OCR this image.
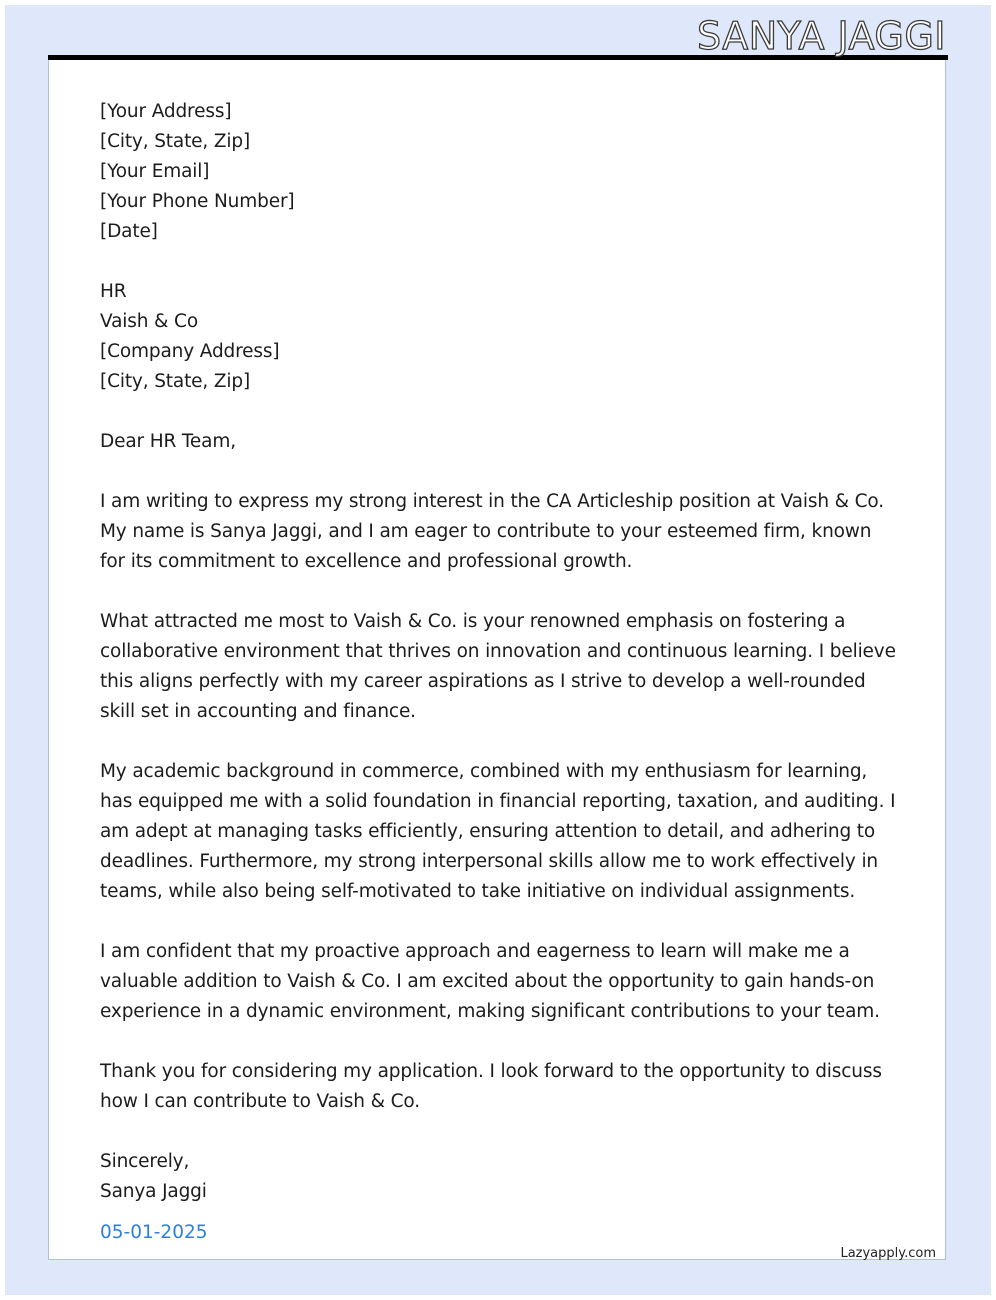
SANYA JAGGI
[Your Address]
[City, State, Zip]
[Your Email]
[Your Phone Number]
[Date]
HR
Vaish & Co
[Company Address]
[City, State, Zip]
Dear HR Team,
I am writing to express my strong interest in the CA Articleship position at Vaish & Co. My name is Sanya Jaggi, and I am eager to contribute to your esteemed firm, known for its commitment to excellence and professional growth.
What attracted me most to Vaish & Co. is your renowned emphasis on fostering a collaborative environment that thrives on innovation and continuous learning. I believe this aligns perfectly with my career aspirations as I strive to develop a well-rounded skill set in accounting and finance.
My academic background in commerce, combined with my enthusiasm for learning, has equipped me with a solid foundation in financial reporting, taxation, and auditing. I am adept at managing tasks efficiently, ensuring attention to detail, and adhering to deadlines. Furthermore, my strong interpersonal skills allow me to work effectively in teams, while also being self-motivated to take initiative on individual assignments.
I am confident that my proactive approach and eagerness to learn will make me a valuable addition to Vaish & Co. I am excited about the opportunity to gain hands-on experience in a dynamic environment, making significant contributions to your team.
Thank you for considering my application. I look forward to the opportunity to discuss how I can contribute to Vaish & Co.
Sincerely,
Sanya Jaggi
05-01-2025
Lazyapply.com
